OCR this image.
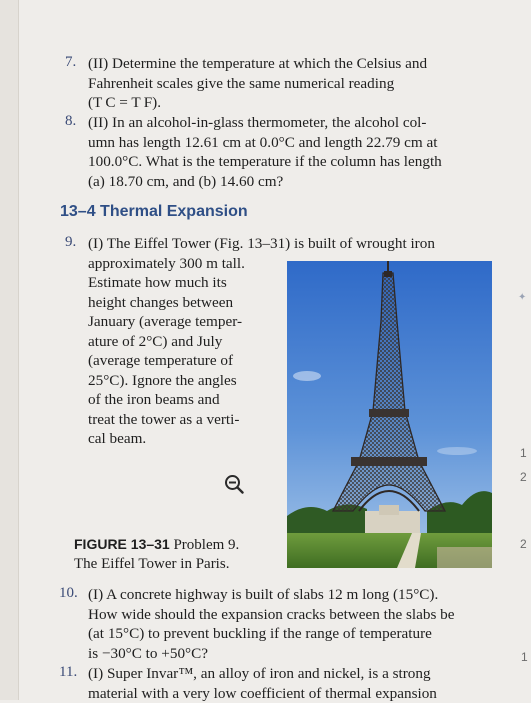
7. (II) Determine the temperature at which the Celsius and
Fahrenheit scales give the same numerical reading
(T C = T F).
8. (II) In an alcohol-in-glass thermometer, the alcohol col-
umn has length 12.61 cm at 0.0°C and length 22.79 cm at
100.0°C. What is the temperature if the column has length
(a) 18.70 cm, and (b) 14.60 cm?
13–4 Thermal Expansion
9. (I) The Eiffel Tower (Fig. 13–31) is built of wrought iron
approximately 300 m tall.
Estimate how much its
height changes between
January (average temper-
ature of 2°C) and July
(average temperature of
25°C). Ignore the angles
of the iron beams and
treat the tower as a verti-
cal beam.
FIGURE 13–31 Problem 9.
The Eiffel Tower in Paris.
10. (I) A concrete highway is built of slabs 12 m long (15°C).
How wide should the expansion cracks between the slabs be
(at 15°C) to prevent buckling if the range of temperature
is −30°C to +50°C?
11. (I) Super Invar™, an alloy of iron and nickel, is a strong
material with a very low coefficient of thermal expansion
1
2
2
1
✦
